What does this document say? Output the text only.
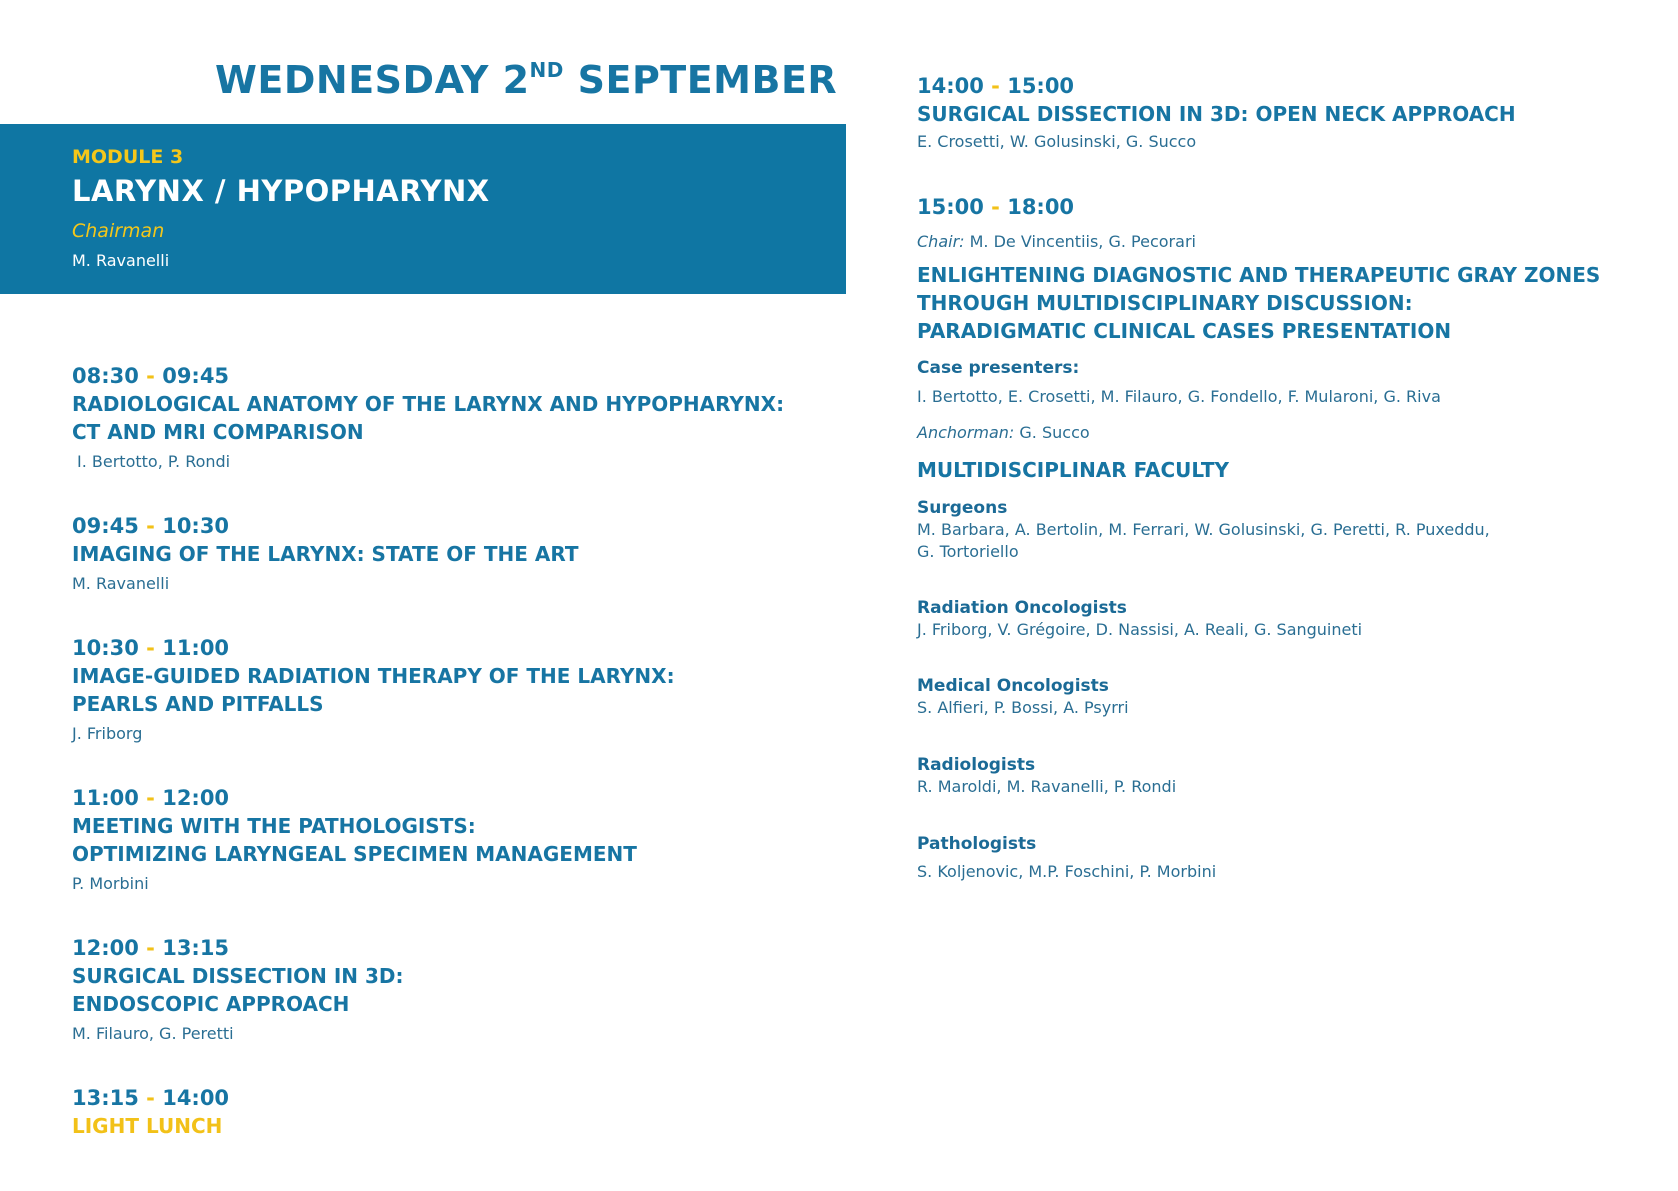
WEDNESDAY 2ND SEPTEMBER
MODULE 3
LARYNX / HYPOPHARYNX
Chairman
M. Ravanelli
08:30 - 09:45
RADIOLOGICAL ANATOMY OF THE LARYNX AND HYPOPHARYNX:
CT AND MRI COMPARISON
I. Bertotto, P. Rondi
09:45 - 10:30
IMAGING OF THE LARYNX: STATE OF THE ART
M. Ravanelli
10:30 - 11:00
IMAGE-GUIDED RADIATION THERAPY OF THE LARYNX:
PEARLS AND PITFALLS
J. Friborg
11:00 - 12:00
MEETING WITH THE PATHOLOGISTS:
OPTIMIZING LARYNGEAL SPECIMEN MANAGEMENT
P. Morbini
12:00 - 13:15
SURGICAL DISSECTION IN 3D:
ENDOSCOPIC APPROACH
M. Filauro, G. Peretti
13:15 - 14:00
LIGHT LUNCH
14:00 - 15:00
SURGICAL DISSECTION IN 3D: OPEN NECK APPROACH
E. Crosetti, W. Golusinski, G. Succo
15:00 - 18:00
Chair: M. De Vincentiis, G. Pecorari
ENLIGHTENING DIAGNOSTIC AND THERAPEUTIC GRAY ZONES
THROUGH MULTIDISCIPLINARY DISCUSSION:
PARADIGMATIC CLINICAL CASES PRESENTATION
Case presenters:
I. Bertotto, E. Crosetti, M. Filauro, G. Fondello, F. Mularoni, G. Riva
Anchorman: G. Succo
MULTIDISCIPLINAR FACULTY
Surgeons
M. Barbara, A. Bertolin, M. Ferrari, W. Golusinski, G. Peretti, R. Puxeddu,
G. Tortoriello
Radiation Oncologists
J. Friborg, V. Grégoire, D. Nassisi, A. Reali, G. Sanguineti
Medical Oncologists
S. Alfieri, P. Bossi, A. Psyrri
Radiologists
R. Maroldi, M. Ravanelli, P. Rondi
Pathologists
S. Koljenovic, M.P. Foschini, P. Morbini
